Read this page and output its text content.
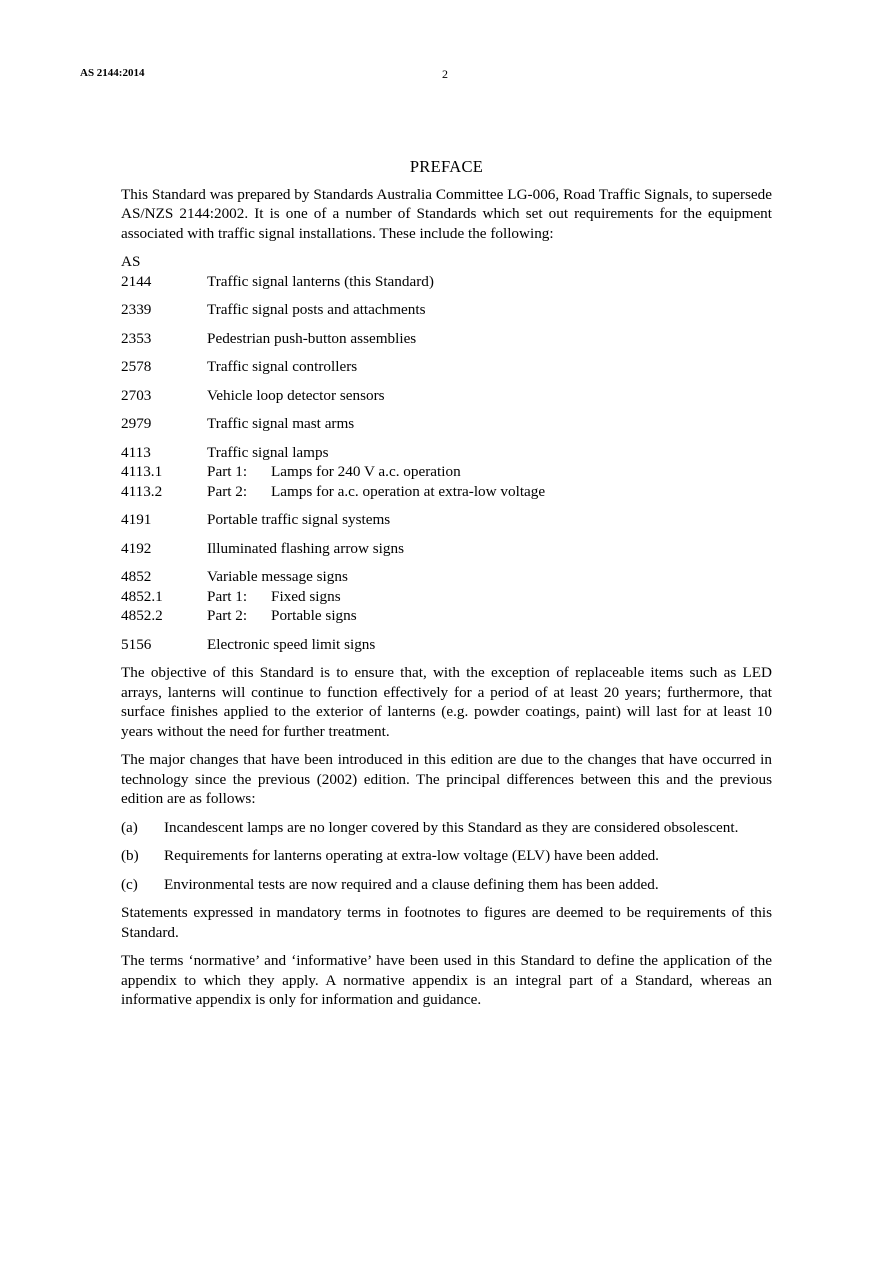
AS 2144:2014	2
PREFACE

This Standard was prepared by Standards Australia Committee LG-006, Road Traffic Signals, to supersede AS/NZS 2144:2002. It is one of a number of Standards which set out requirements for the equipment associated with traffic signal installations. These include the following:

AS
2144	Traffic signal lanterns (this Standard)
2339	Traffic signal posts and attachments
2353	Pedestrian push-button assemblies
2578	Traffic signal controllers
2703	Vehicle loop detector sensors
2979	Traffic signal mast arms
4113	Traffic signal lamps
4113.1	Part 1:	Lamps for 240 V a.c. operation
4113.2	Part 2:	Lamps for a.c. operation at extra-low voltage
4191	Portable traffic signal systems
4192	Illuminated flashing arrow signs
4852	Variable message signs
4852.1	Part 1:	Fixed signs
4852.2	Part 2:	Portable signs
5156	Electronic speed limit signs

The objective of this Standard is to ensure that, with the exception of replaceable items such as LED arrays, lanterns will continue to function effectively for a period of at least 20 years; furthermore, that surface finishes applied to the exterior of lanterns (e.g. powder coatings, paint) will last for at least 10 years without the need for further treatment.

The major changes that have been introduced in this edition are due to the changes that have occurred in technology since the previous (2002) edition. The principal differences between this and the previous edition are as follows:

(a)	Incandescent lamps are no longer covered by this Standard as they are considered obsolescent.
(b)	Requirements for lanterns operating at extra-low voltage (ELV) have been added.
(c)	Environmental tests are now required and a clause defining them has been added.

Statements expressed in mandatory terms in footnotes to figures are deemed to be requirements of this Standard.

The terms ‘normative’ and ‘informative’ have been used in this Standard to define the application of the appendix to which they apply. A normative appendix is an integral part of a Standard, whereas an informative appendix is only for information and guidance.
